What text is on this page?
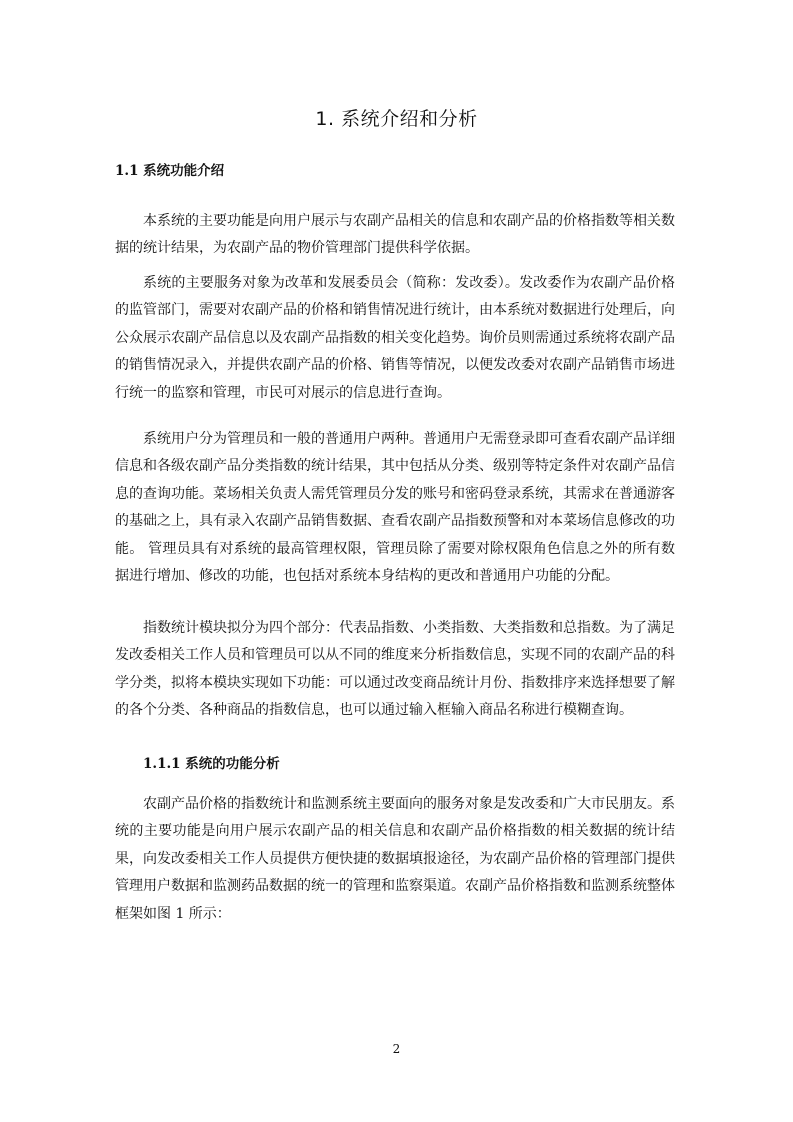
1. 系统介绍和分析
1.1 系统功能介绍

本系统的主要功能是向用户展示与农副产品相关的信息和农副产品的价格指数等相关数据的统计结果，为农副产品的物价管理部门提供科学依据。

系统的主要服务对象为改革和发展委员会（简称：发改委）。发改委作为农副产品价格的监管部门，需要对农副产品的价格和销售情况进行统计，由本系统对数据进行处理后，向公众展示农副产品信息以及农副产品指数的相关变化趋势。询价员则需通过系统将农副产品的销售情况录入，并提供农副产品的价格、销售等情况，以便发改委对农副产品销售市场进行统一的监察和管理，市民可对展示的信息进行查询。

系统用户分为管理员和一般的普通用户两种。普通用户无需登录即可查看农副产品详细信息和各级农副产品分类指数的统计结果，其中包括从分类、级别等特定条件对农副产品信息的查询功能。菜场相关负责人需凭管理员分发的账号和密码登录系统，其需求在普通游客的基础之上，具有录入农副产品销售数据、查看农副产品指数预警和对本菜场信息修改的功能。 管理员具有对系统的最高管理权限，管理员除了需要对除权限角色信息之外的所有数据进行增加、修改的功能，也包括对系统本身结构的更改和普通用户功能的分配。

指数统计模块拟分为四个部分：代表品指数、小类指数、大类指数和总指数。为了满足发改委相关工作人员和管理员可以从不同的维度来分析指数信息，实现不同的农副产品的科学分类，拟将本模块实现如下功能：可以通过改变商品统计月份、指数排序来选择想要了解的各个分类、各种商品的指数信息，也可以通过输入框输入商品名称进行模糊查询。

1.1.1 系统的功能分析

农副产品价格的指数统计和监测系统主要面向的服务对象是发改委和广大市民朋友。系统的主要功能是向用户展示农副产品的相关信息和农副产品价格指数的相关数据的统计结果，向发改委相关工作人员提供方便快捷的数据填报途径，为农副产品价格的管理部门提供管理用户数据和监测药品数据的统一的管理和监察渠道。农副产品价格指数和监测系统整体框架如图 1 所示：

2
